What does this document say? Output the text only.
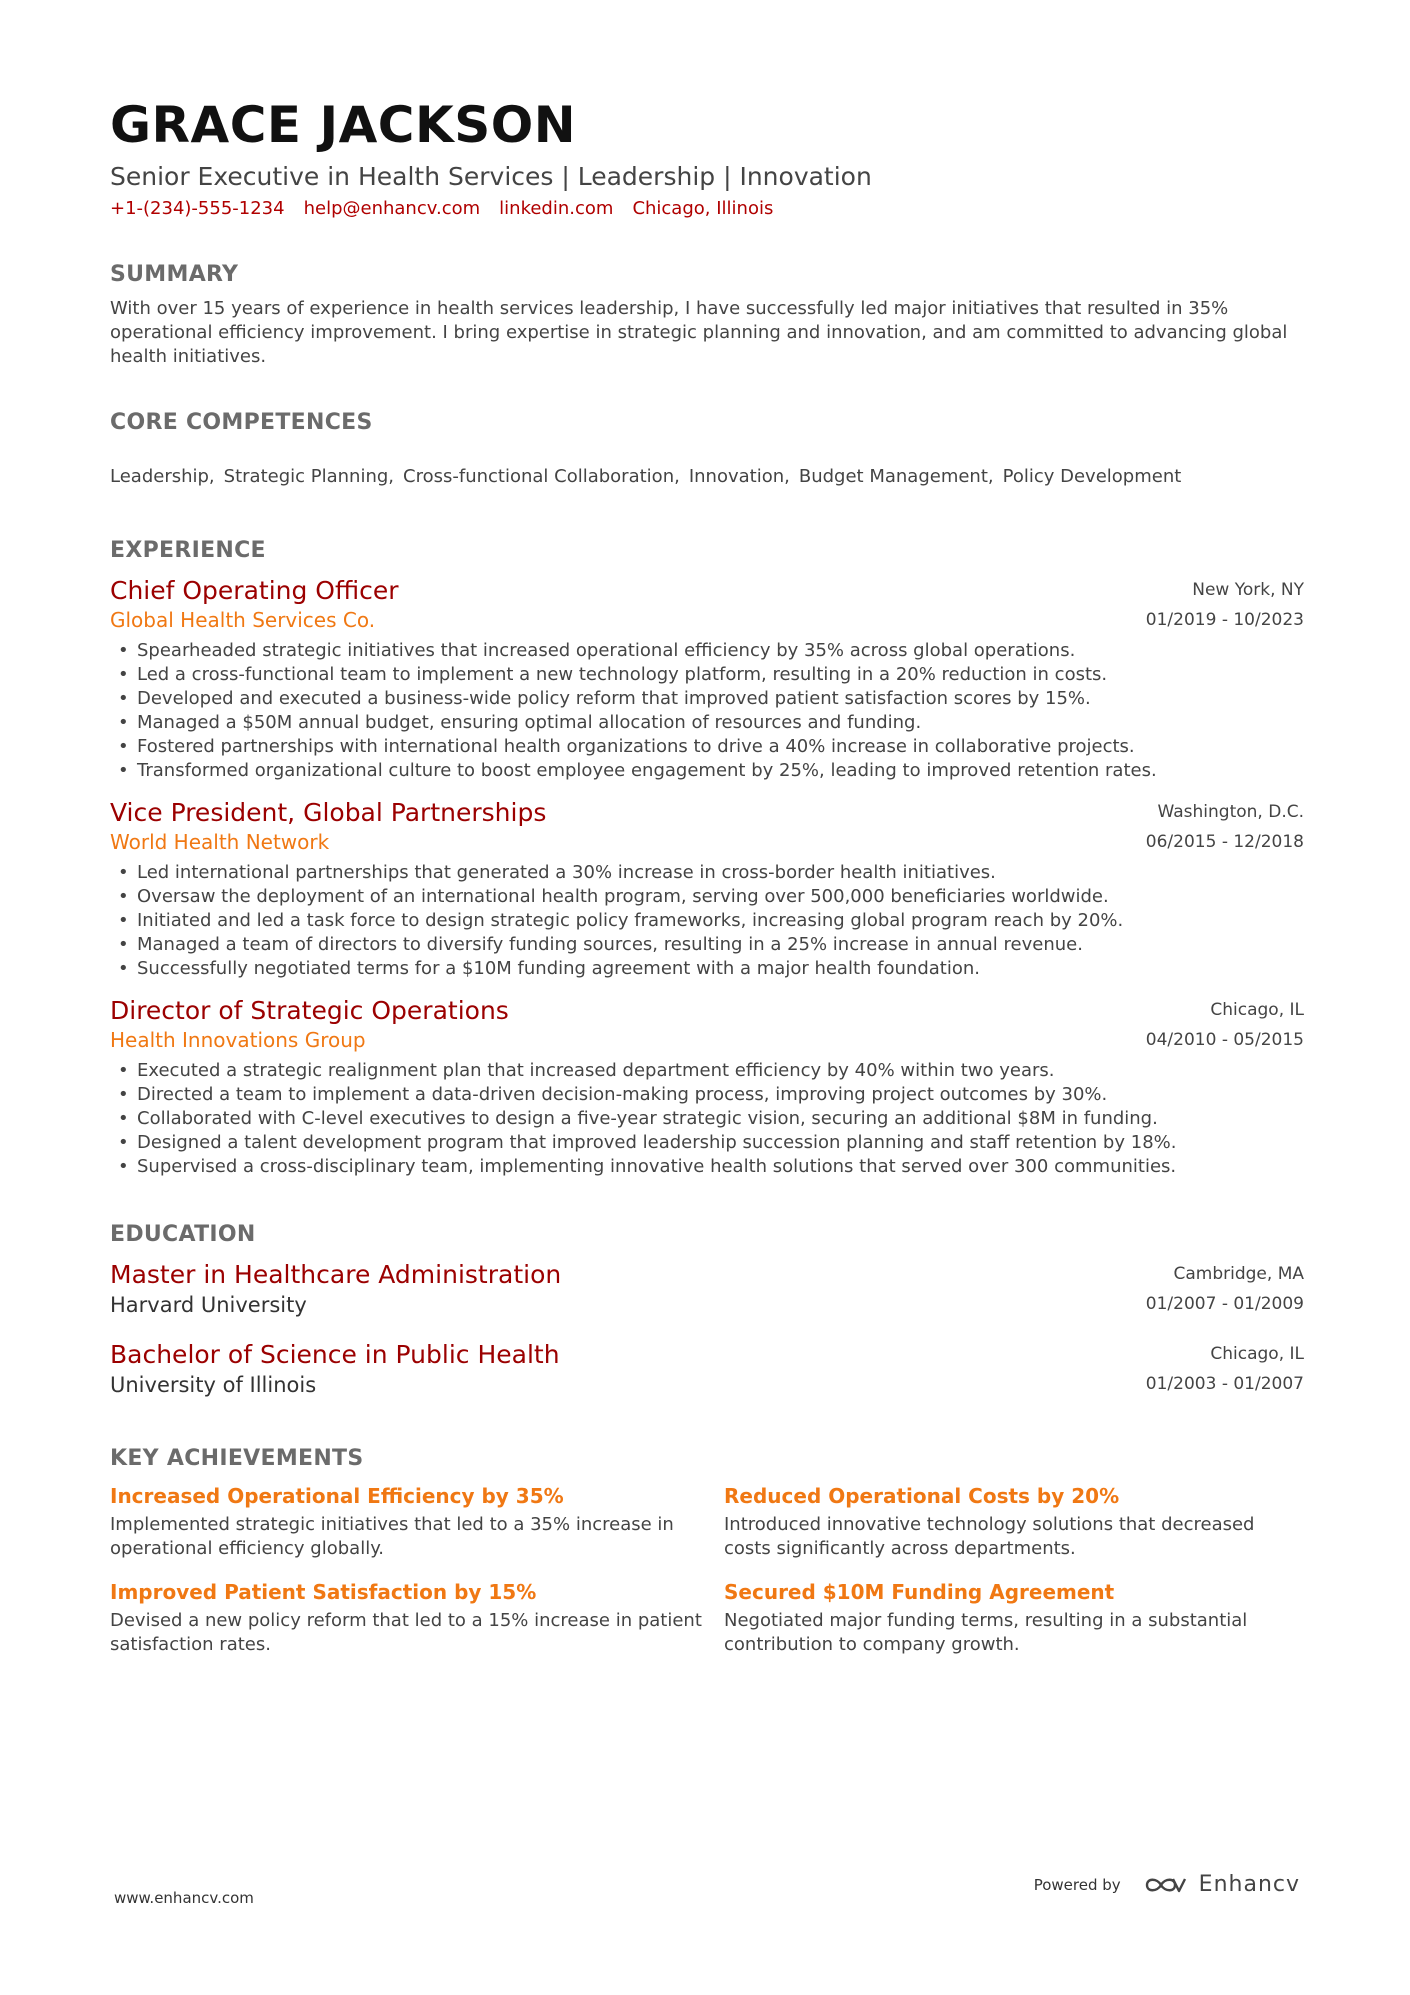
GRACE JACKSON
Senior Executive in Health Services | Leadership | Innovation
+1-(234)-555-1234 help@enhancv.com linkedin.com Chicago, Illinois
SUMMARY
With over 15 years of experience in health services leadership, I have successfully led major initiatives that resulted in 35% operational efficiency improvement. I bring expertise in strategic planning and innovation, and am committed to advancing global health initiatives.
CORE COMPETENCES
Leadership, Strategic Planning, Cross-functional Collaboration, Innovation, Budget Management, Policy Development
EXPERIENCE
Chief Operating Officer
Global Health Services Co.
New York, NY
01/2019 - 10/2023
• Spearheaded strategic initiatives that increased operational efficiency by 35% across global operations.
• Led a cross-functional team to implement a new technology platform, resulting in a 20% reduction in costs.
• Developed and executed a business-wide policy reform that improved patient satisfaction scores by 15%.
• Managed a $50M annual budget, ensuring optimal allocation of resources and funding.
• Fostered partnerships with international health organizations to drive a 40% increase in collaborative projects.
• Transformed organizational culture to boost employee engagement by 25%, leading to improved retention rates.
Vice President, Global Partnerships
World Health Network
Washington, D.C.
06/2015 - 12/2018
• Led international partnerships that generated a 30% increase in cross-border health initiatives.
• Oversaw the deployment of an international health program, serving over 500,000 beneficiaries worldwide.
• Initiated and led a task force to design strategic policy frameworks, increasing global program reach by 20%.
• Managed a team of directors to diversify funding sources, resulting in a 25% increase in annual revenue.
• Successfully negotiated terms for a $10M funding agreement with a major health foundation.
Director of Strategic Operations
Health Innovations Group
Chicago, IL
04/2010 - 05/2015
• Executed a strategic realignment plan that increased department efficiency by 40% within two years.
• Directed a team to implement a data-driven decision-making process, improving project outcomes by 30%.
• Collaborated with C-level executives to design a five-year strategic vision, securing an additional $8M in funding.
• Designed a talent development program that improved leadership succession planning and staff retention by 18%.
• Supervised a cross-disciplinary team, implementing innovative health solutions that served over 300 communities.
EDUCATION
Master in Healthcare Administration
Harvard University
Cambridge, MA
01/2007 - 01/2009
Bachelor of Science in Public Health
University of Illinois
Chicago, IL
01/2003 - 01/2007
KEY ACHIEVEMENTS
Increased Operational Efficiency by 35%
Implemented strategic initiatives that led to a 35% increase in operational efficiency globally.
Reduced Operational Costs by 20%
Introduced innovative technology solutions that decreased costs significantly across departments.
Improved Patient Satisfaction by 15%
Devised a new policy reform that led to a 15% increase in patient satisfaction rates.
Secured $10M Funding Agreement
Negotiated major funding terms, resulting in a substantial contribution to company growth.
www.enhancv.com
Powered by	Enhancv
